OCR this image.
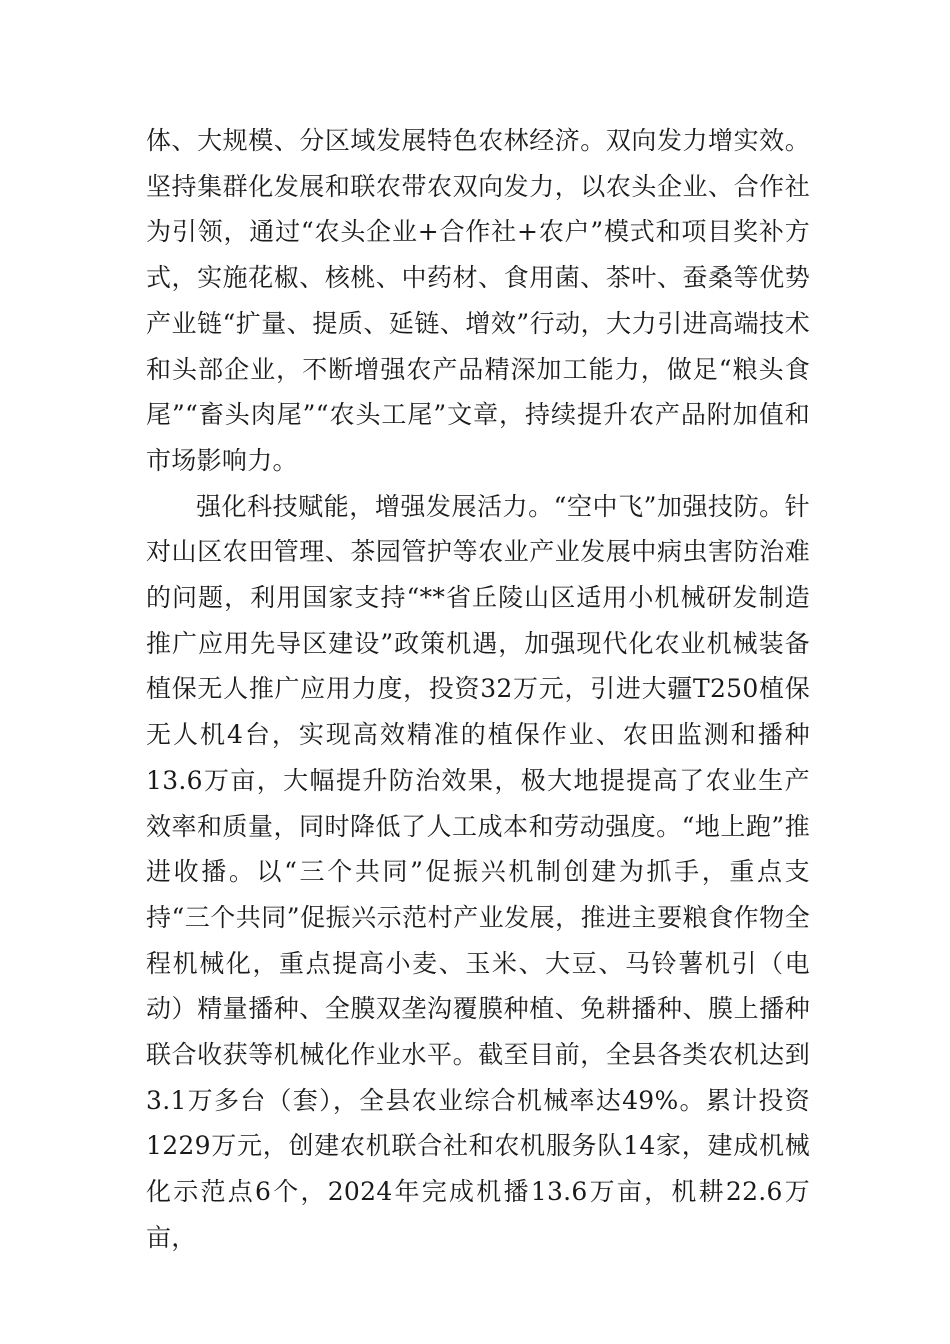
体、大规模、分区域发展特色农林经济。双向发力增实效。坚持集群化发展和联农带农双向发力，以农头企业、合作社为引领，通过“农头企业+合作社+农户”模式和项目奖补方式，实施花椒、核桃、中药材、食用菌、茶叶、蚕桑等优势产业链“扩量、提质、延链、增效”行动，大力引进高端技术和头部企业，不断增强农产品精深加工能力，做足“粮头食尾”“畜头肉尾”“农头工尾”文章，持续提升农产品附加值和市场影响力。

强化科技赋能，增强发展活力。“空中飞”加强技防。针对山区农田管理、茶园管护等农业产业发展中病虫害防治难的问题，利用国家支持“**省丘陵山区适用小机械研发制造推广应用先导区建设”政策机遇，加强现代化农业机械装备植保无人推广应用力度，投资32万元，引进大疆T250植保无人机4台，实现高效精准的植保作业、农田监测和播种13.6万亩，大幅提升防治效果，极大地提提高了农业生产效率和质量，同时降低了人工成本和劳动强度。“地上跑”推进收播。以“三个共同”促振兴机制创建为抓手，重点支持“三个共同”促振兴示范村产业发展，推进主要粮食作物全程机械化，重点提高小麦、玉米、大豆、马铃薯机引（电动）精量播种、全膜双垄沟覆膜种植、免耕播种、膜上播种联合收获等机械化作业水平。截至目前，全县各类农机达到3.1万多台（套），全县农业综合机械率达49%。累计投资1229万元，创建农机联合社和农机服务队14家，建成机械化示范点6个，2024年完成机播13.6万亩，机耕22.6万亩，
